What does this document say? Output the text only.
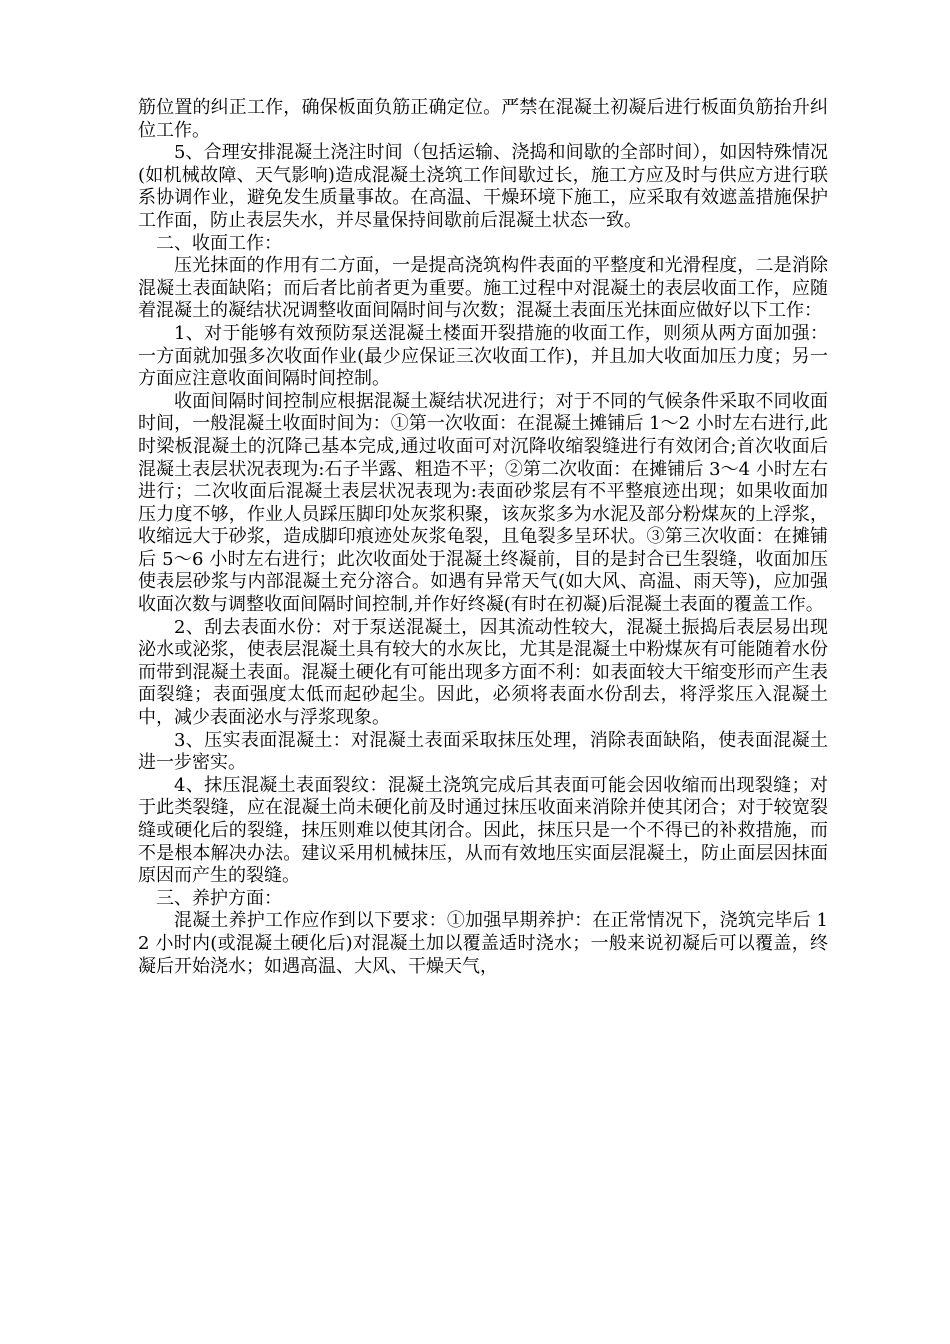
筋位置的纠正工作，确保板面负筋正确定位。严禁在混凝土初凝后进行板面负筋抬升纠位工作。

5、合理安排混凝土浇注时间（包括运输、浇捣和间歇的全部时间），如因特殊情况(如机械故障、天气影响)造成混凝土浇筑工作间歇过长，施工方应及时与供应方进行联系协调作业，避免发生质量事故。在高温、干燥环境下施工，应采取有效遮盖措施保护工作面，防止表层失水，并尽量保持间歇前后混凝土状态一致。

二、收面工作：

压光抹面的作用有二方面，一是提高浇筑构件表面的平整度和光滑程度，二是消除混凝土表面缺陷；而后者比前者更为重要。施工过程中对混凝土的表层收面工作，应随着混凝土的凝结状况调整收面间隔时间与次数；混凝土表面压光抹面应做好以下工作：

1、对于能够有效预防泵送混凝土楼面开裂措施的收面工作，则须从两方面加强：一方面就加强多次收面作业(最少应保证三次收面工作)，并且加大收面加压力度；另一方面应注意收面间隔时间控制。

收面间隔时间控制应根据混凝土凝结状况进行；对于不同的气候条件采取不同收面时间，一般混凝土收面时间为：①第一次收面：在混凝土摊铺后 1～2 小时左右进行,此时梁板混凝土的沉降己基本完成,通过收面可对沉降收缩裂缝进行有效闭合;首次收面后混凝土表层状况表现为:石子半露、粗造不平；②第二次收面：在摊铺后 3～4 小时左右进行；二次收面后混凝土表层状况表现为:表面砂浆层有不平整痕迹出现；如果收面加压力度不够，作业人员踩压脚印处灰浆积聚，该灰浆多为水泥及部分粉煤灰的上浮浆，收缩远大于砂浆，造成脚印痕迹处灰浆龟裂，且龟裂多呈环状。③第三次收面：在摊铺后 5～6 小时左右进行；此次收面处于混凝土终凝前，目的是封合已生裂缝，收面加压使表层砂浆与内部混凝土充分溶合。如遇有异常天气(如大风、高温、雨天等)，应加强收面次数与调整收面间隔时间控制,并作好终凝(有时在初凝)后混凝土表面的覆盖工作。

2、刮去表面水份：对于泵送混凝土，因其流动性较大，混凝土振捣后表层易出现泌水或泌浆，使表层混凝土具有较大的水灰比，尤其是混凝土中粉煤灰有可能随着水份而带到混凝土表面。混凝土硬化有可能出现多方面不利：如表面较大干缩变形而产生表面裂缝；表面强度太低而起砂起尘。因此，必须将表面水份刮去，将浮浆压入混凝土中，减少表面泌水与浮浆现象。

3、压实表面混凝土：对混凝土表面采取抹压处理，消除表面缺陷，使表面混凝土进一步密实。

4、抹压混凝土表面裂纹：混凝土浇筑完成后其表面可能会因收缩而出现裂缝；对于此类裂缝，应在混凝土尚未硬化前及时通过抹压收面来消除并使其闭合；对于较宽裂缝或硬化后的裂缝，抹压则难以使其闭合。因此，抹压只是一个不得已的补救措施，而不是根本解决办法。建议采用机械抹压，从而有效地压实面层混凝土，防止面层因抹面原因而产生的裂缝。

三、养护方面：

混凝土养护工作应作到以下要求：①加强早期养护：在正常情况下，浇筑完毕后 12 小时内(或混凝土硬化后)对混凝土加以覆盖适时浇水；一般来说初凝后可以覆盖，终凝后开始浇水；如遇高温、大风、干燥天气，
